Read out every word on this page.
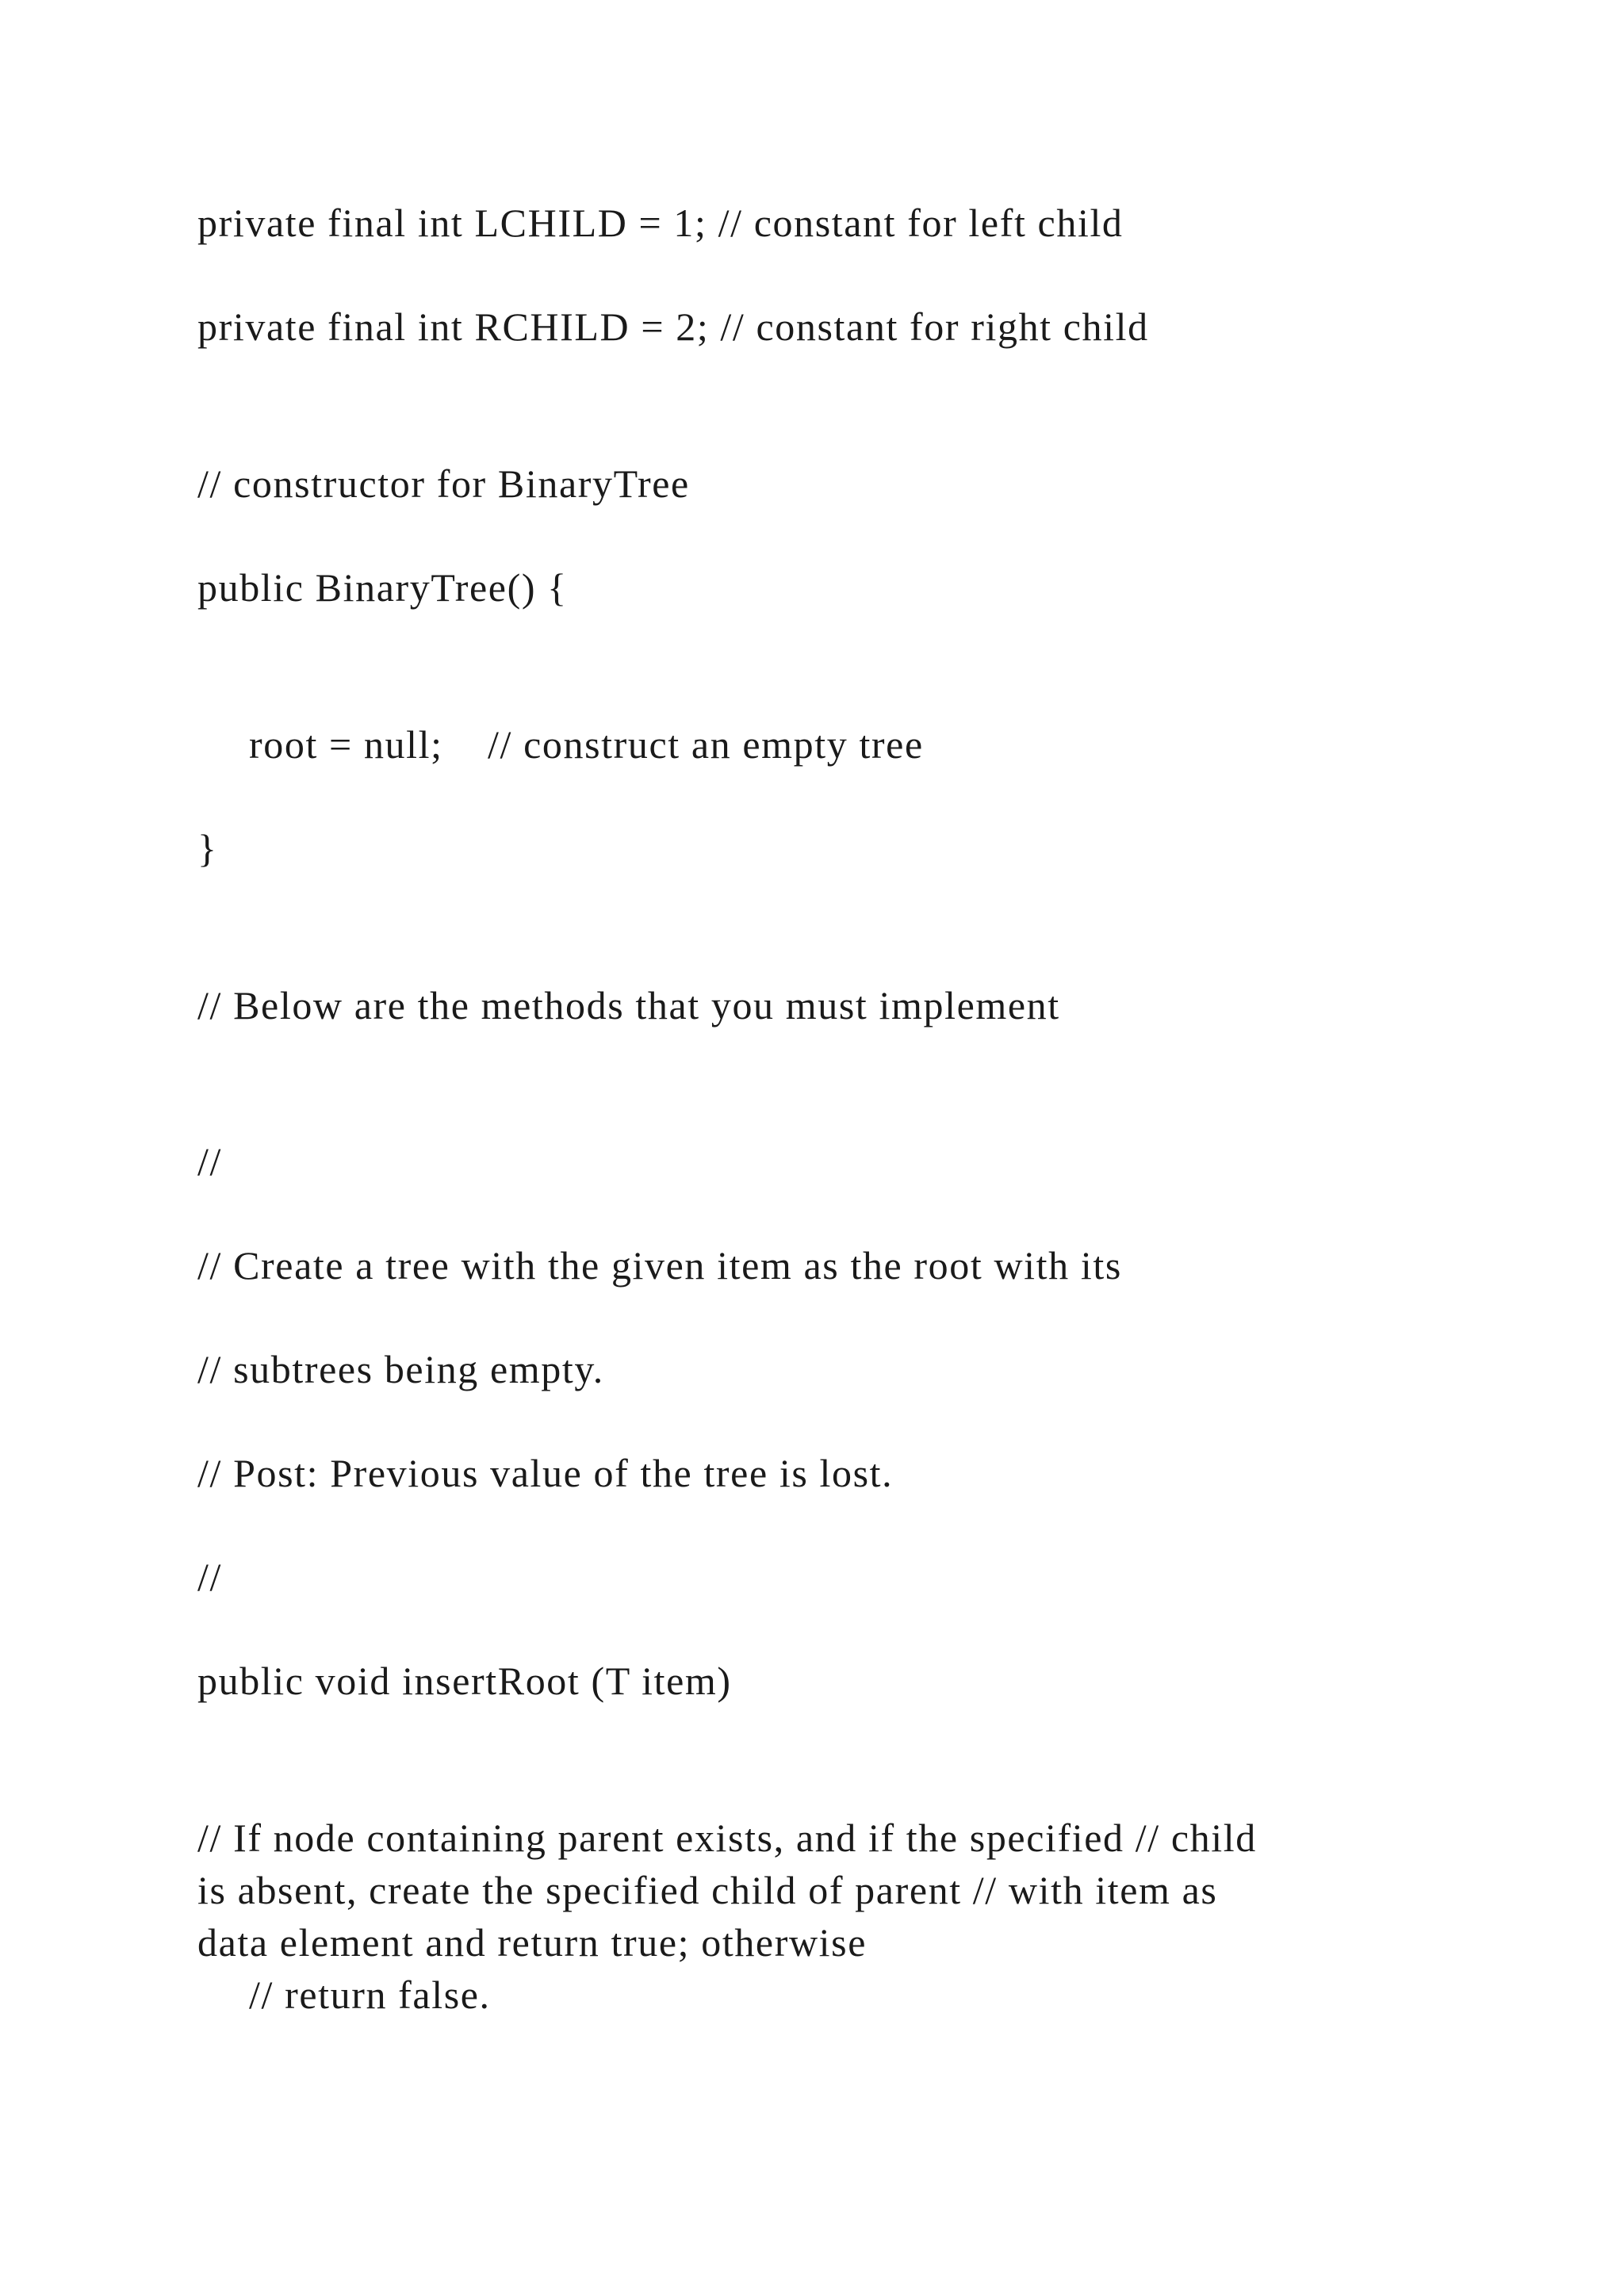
private final int LCHILD = 1; // constant for left child

private final int RCHILD = 2; // constant for right child

// constructor for BinaryTree

public BinaryTree() {

root = null;    // construct an empty tree

}

// Below are the methods that you must implement

//

// Create a tree with the given item as the root with its

// subtrees being empty.

// Post: Previous value of the tree is lost.

//

public void insertRoot (T item)

// If node containing parent exists, and if the specified // child

is absent, create the specified child of parent // with item as

data element and return true; otherwise

// return false.
